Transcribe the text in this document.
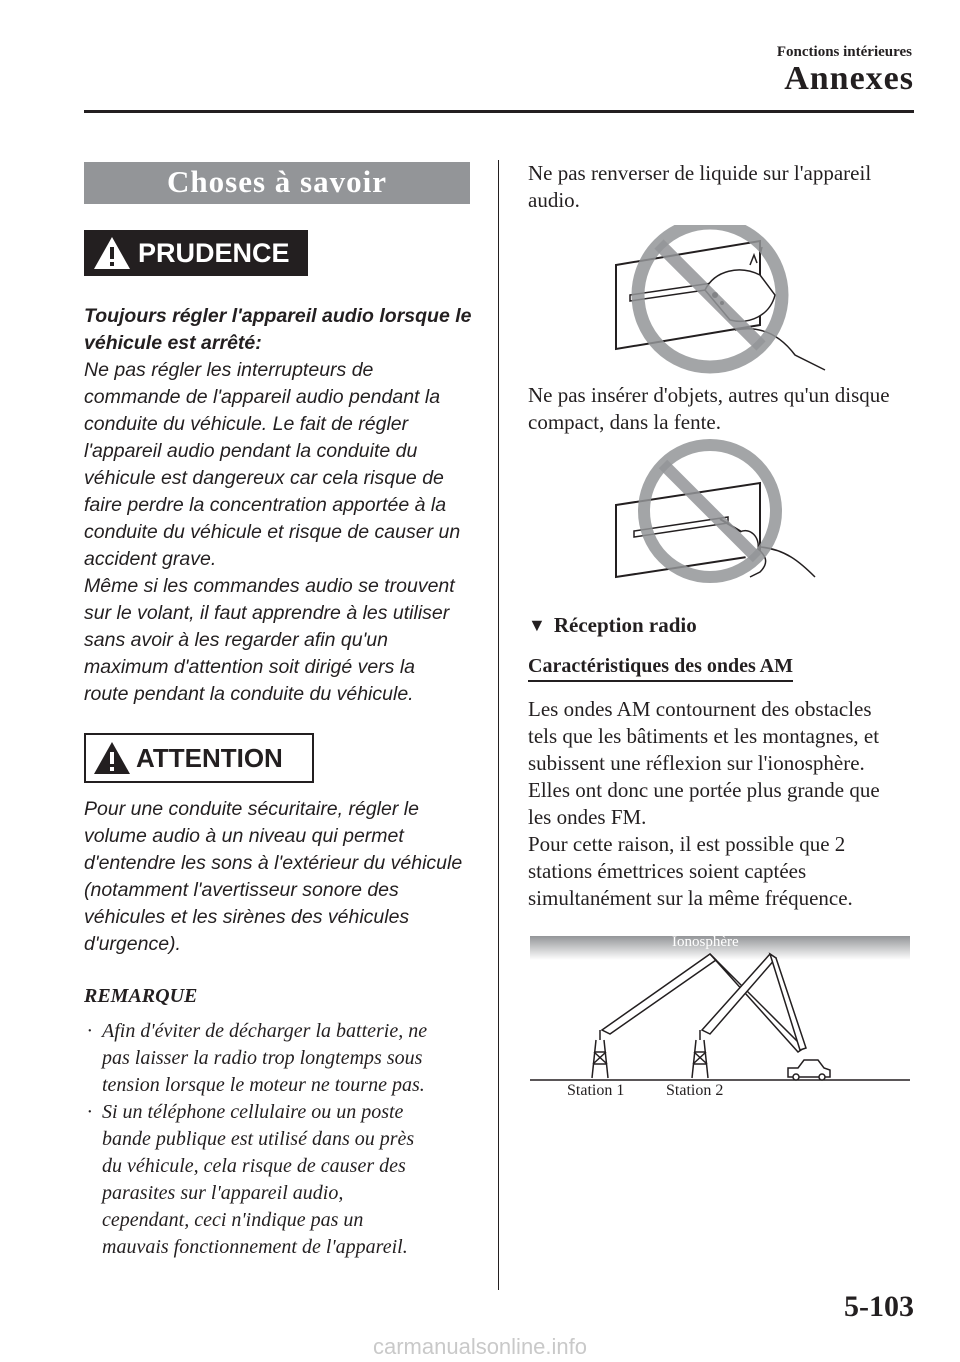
Fonctions intérieures
Annexes
Choses à savoir
PRUDENCE
Toujours régler l'appareil audio lorsque le
véhicule est arrêté:
Ne pas régler les interrupteurs de
commande de l'appareil audio pendant la
conduite du véhicule. Le fait de régler
l'appareil audio pendant la conduite du
véhicule est dangereux car cela risque de
faire perdre la concentration apportée à la
conduite du véhicule et risque de causer un
accident grave.
Même si les commandes audio se trouvent
sur le volant, il faut apprendre à les utiliser
sans avoir à les regarder afin qu'un
maximum d'attention soit dirigé vers la
route pendant la conduite du véhicule.
ATTENTION
Pour une conduite sécuritaire, régler le
volume audio à un niveau qui permet
d'entendre les sons à l'extérieur du véhicule
(notamment l'avertisseur sonore des
véhicules et les sirènes des véhicules
d'urgence).
REMARQUE
· Afin d'éviter de décharger la batterie, ne
pas laisser la radio trop longtemps sous
tension lorsque le moteur ne tourne pas.
· Si un téléphone cellulaire ou un poste
bande publique est utilisé dans ou près
du véhicule, cela risque de causer des
parasites sur l'appareil audio,
cependant, ceci n'indique pas un
mauvais fonctionnement de l'appareil.
Ne pas renverser de liquide sur l'appareil
audio.
Ne pas insérer d'objets, autres qu'un disque
compact, dans la fente.
▼ Réception radio
Caractéristiques des ondes AM
Les ondes AM contournent des obstacles
tels que les bâtiments et les montagnes, et
subissent une réflexion sur l'ionosphère.
Elles ont donc une portée plus grande que
les ondes FM.
Pour cette raison, il est possible que 2
stations émettrices soient captées
simultanément sur la même fréquence.
Ionosphère
Station 1	Station 2
5-103
carmanualsonline.info
